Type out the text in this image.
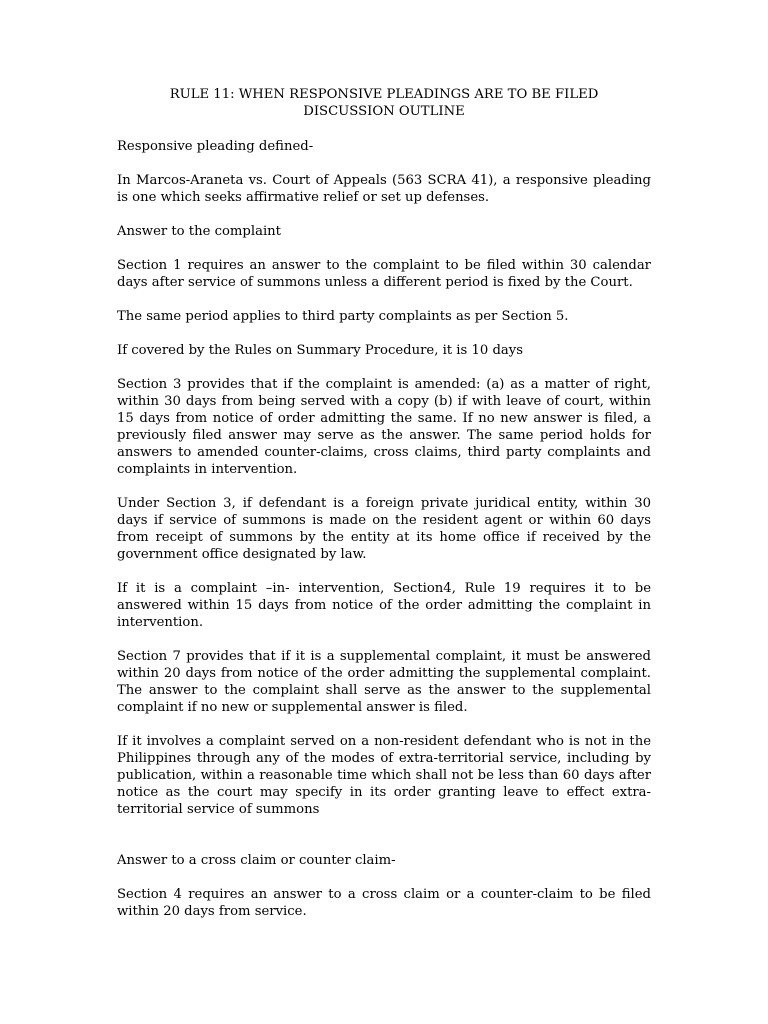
RULE 11: WHEN RESPONSIVE PLEADINGS ARE TO BE FILED

DISCUSSION OUTLINE

Responsive pleading defined-

In Marcos-Araneta vs. Court of Appeals (563 SCRA 41), a responsive pleading is one which seeks affirmative relief or set up defenses.

Answer to the complaint

Section 1 requires an answer to the complaint to be filed within 30 calendar days after service of summons unless a different period is fixed by the Court.

The same period applies to third party complaints as per Section 5.

If covered by the Rules on Summary Procedure, it is 10 days

Section 3 provides that if the complaint is amended: (a) as a matter of right, within 30 days from being served with a copy (b) if with leave of court, within 15 days from notice of order admitting the same. If no new answer is filed, a previously filed answer may serve as the answer. The same period holds for answers to amended counter-claims, cross claims, third party complaints and complaints in intervention.

Under Section 3, if defendant is a foreign private juridical entity, within 30 days if service of summons is made on the resident agent or within 60 days from receipt of summons by the entity at its home office if received by the government office designated by law.

If it is a complaint –in- intervention, Section4, Rule 19 requires it to be answered within 15 days from notice of the order admitting the complaint in intervention.

Section 7 provides that if it is a supplemental complaint, it must be answered within 20 days from notice of the order admitting the supplemental complaint. The answer to the complaint shall serve as the answer to the supplemental complaint if no new or supplemental answer is filed.

If it involves a complaint served on a non-resident defendant who is not in the Philippines through any of the modes of extra-territorial service, including by publication, within a reasonable time which shall not be less than 60 days after notice as the court may specify in its order granting leave to effect extra-territorial service of summons

Answer to a cross claim or counter claim-

Section 4 requires an answer to a cross claim or a counter-claim to be filed within 20 days from service.
